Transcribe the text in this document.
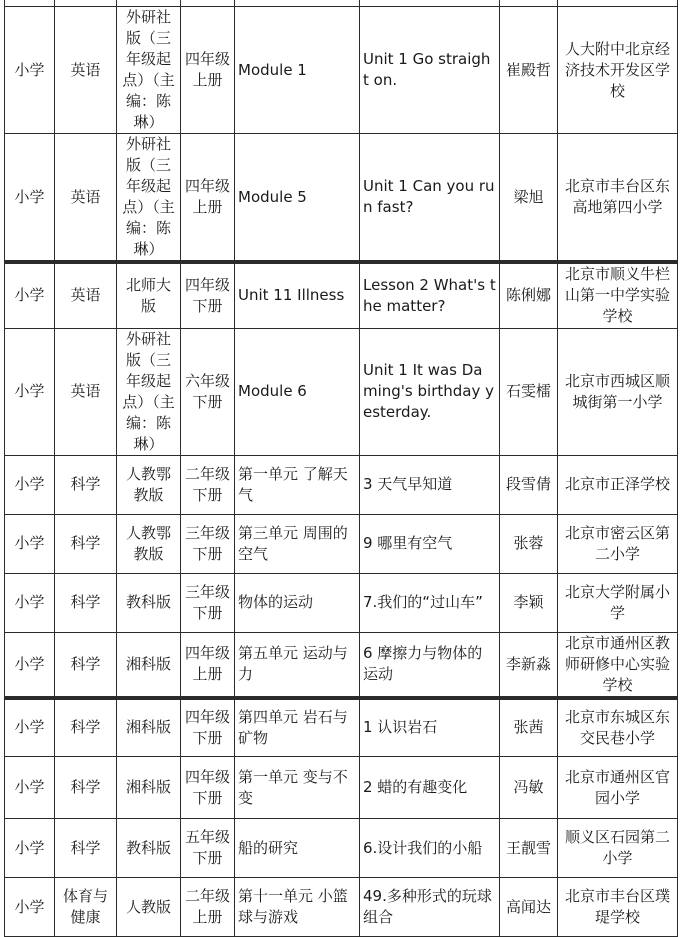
小学	英语	外研社版（三年级起点）（主编：陈琳）	四年级上册	Module 1	Unit 1 Go straight on.	崔殿哲	人大附中北京经济技术开发区学校
小学	英语	外研社版（三年级起点）（主编：陈琳）	四年级上册	Module 5	Unit 1 Can you run fast?	梁旭	北京市丰台区东高地第四小学
小学	英语	北师大版	四年级下册	Unit 11 Illness	Lesson 2 What's the matter?	陈俐娜	北京市顺义牛栏山第一中学实验学校
小学	英语	外研社版（三年级起点）（主编：陈琳）	六年级下册	Module 6	Unit 1 It was Daming's birthday yesterday.	石雯檑	北京市西城区顺城街第一小学
小学	科学	人教鄂教版	二年级下册	第一单元 了解天气	3 天气早知道	段雪倩	北京市正泽学校
小学	科学	人教鄂教版	三年级下册	第三单元 周围的空气	9 哪里有空气	张蓉	北京市密云区第二小学
小学	科学	教科版	三年级下册	物体的运动	7.我们的“过山车”	李颖	北京大学附属小学
小学	科学	湘科版	四年级上册	第五单元 运动与力	6 摩擦力与物体的运动	李新淼	北京市通州区教师研修中心实验学校
小学	科学	湘科版	四年级下册	第四单元 岩石与矿物	1 认识岩石	张茜	北京市东城区东交民巷小学
小学	科学	湘科版	四年级下册	第一单元 变与不变	2 蜡的有趣变化	冯敏	北京市通州区官园小学
小学	科学	教科版	五年级下册	船的研究	6.设计我们的小船	王靓雪	顺义区石园第二小学
小学	体育与健康	人教版	二年级上册	第十一单元 小篮球与游戏	49.多种形式的玩球组合	高闻达	北京市丰台区璞瑅学校
